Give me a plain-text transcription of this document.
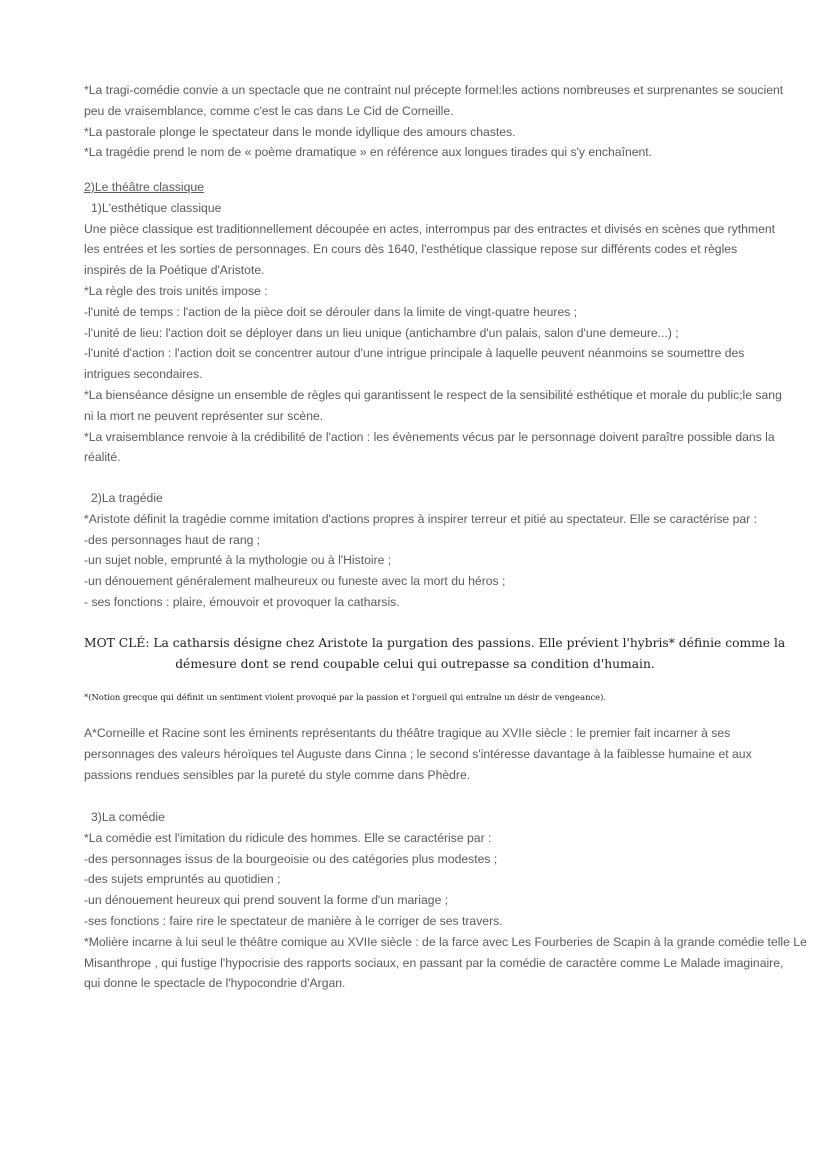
*La tragi-comédie convie a un spectacle que ne contraint nul précepte formel:les actions nombreuses et surprenantes se soucient
peu de vraisemblance, comme c'est le cas dans Le Cid de Corneille.
*La pastorale plonge le spectateur dans le monde idyllique des amours chastes.
*La tragédie prend le nom de « poème dramatique » en référence aux longues tirades qui s'y enchaînent.
2)Le théâtre classique
1)L'esthétique classique
Une pièce classique est traditionnellement découpée en actes, interrompus par des entractes et divisés en scènes que rythment
les entrées et les sorties de personnages. En cours dès 1640, l'esthétique classique repose sur différents codes et règles
inspirés de la Poétique d'Aristote.
*La règle des trois unités impose :
-l'unité de temps : l'action de la pièce doit se dérouler dans la limite de vingt-quatre heures ;
-l'unité de lieu: l'action doit se déployer dans un lieu unique (antichambre d'un palais, salon d'une demeure...) ;
-l'unité d'action : l'action doit se concentrer autour d'une intrigue principale à laquelle peuvent néanmoins se soumettre des
intrigues secondaires.
*La bienséance désigne un ensemble de règles qui garantissent le respect de la sensibilité esthétique et morale du public;le sang
ni la mort ne peuvent représenter sur scène.
*La vraisemblance renvoie à la crédibilité de l'action : les évènements vécus par le personnage doivent paraître possible dans la
réalité.
2)La tragédie
*Aristote définit la tragédie comme imitation d'actions propres à inspirer terreur et pitié au spectateur. Elle se caractérise par :
-des personnages haut de rang ;
-un sujet noble, emprunté à la mythologie ou à l'Histoire ;
-un dénouement généralement malheureux ou funeste avec la mort du héros ;
- ses fonctions : plaire, émouvoir et provoquer la catharsis.
MOT CLÉ: La catharsis désigne chez Aristote la purgation des passions. Elle prévient l'hybris* définie comme la
démesure dont se rend coupable celui qui outrepasse sa condition d'humain.
*(Notion grecque qui définit un sentiment violent provoqué par la passion et l'orgueil qui entraîne un désir de vengeance).
A*Corneille et Racine sont les éminents représentants du théâtre tragique au XVIIe siècle : le premier fait incarner à ses
personnages des valeurs héroïques tel Auguste dans Cinna ; le second s'intéresse davantage à la faiblesse humaine et aux
passions rendues sensibles par la pureté du style comme dans Phèdre.
3)La comédie
*La comédie est l'imitation du ridicule des hommes. Elle se caractérise par :
-des personnages issus de la bourgeoisie ou des catégories plus modestes ;
-des sujets empruntés au quotidien ;
-un dénouement heureux qui prend souvent la forme d'un mariage ;
-ses fonctions : faire rire le spectateur de manière à le corriger de ses travers.
*Molière incarne à lui seul le théâtre comique au XVIIe siècle : de la farce avec Les Fourberies de Scapin à la grande comédie telle Le
Misanthrope , qui fustige l'hypocrisie des rapports sociaux, en passant par la comédie de caractère comme Le Malade imaginaire,
qui donne le spectacle de l'hypocondrie d'Argan.
